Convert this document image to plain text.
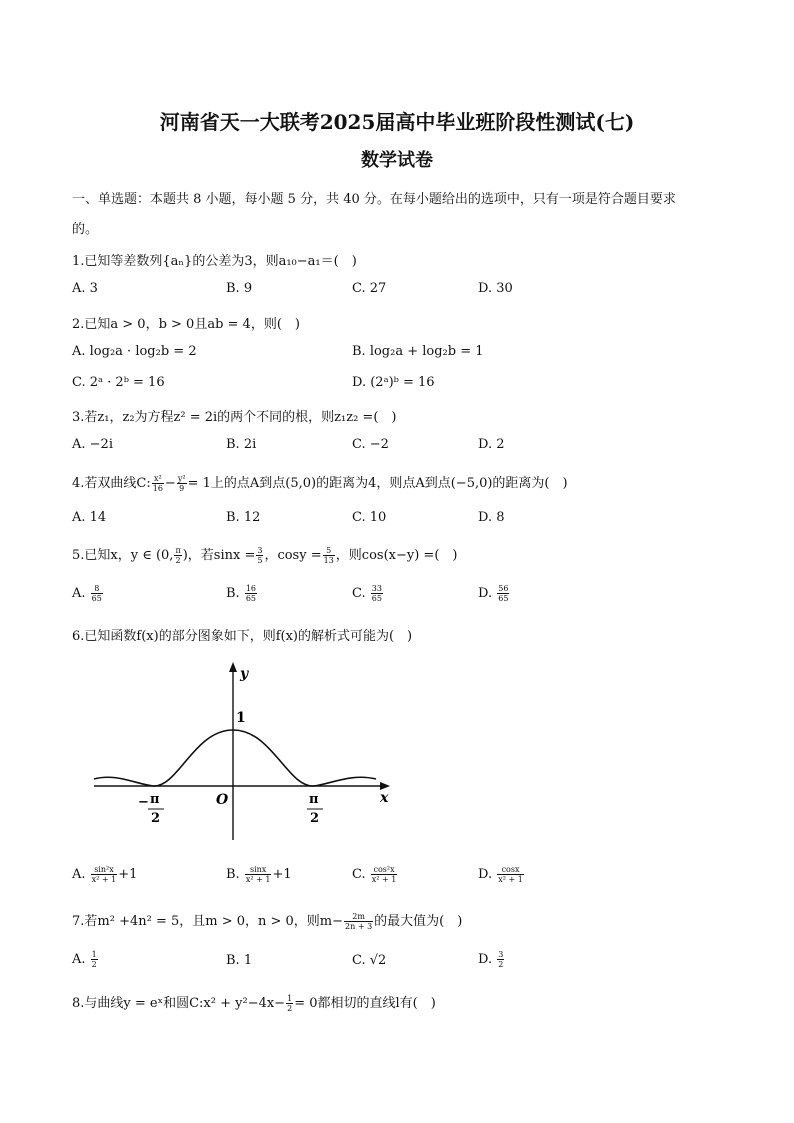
河南省天一大联考2025届高中毕业班阶段性测试(七)
数学试卷
一、单选题：本题共 8 小题，每小题 5 分，共 40 分。在每小题给出的选项中，只有一项是符合题目要求
的。
1.已知等差数列{aₙ}的公差为3，则a₁₀−a₁＝(　)
A. 3	B. 9	C. 27	D. 30
2.已知a > 0，b > 0且ab = 4，则(　)
A. log₂a · log₂b = 2	B. log₂a + log₂b = 1
C. 2ᵃ · 2ᵇ = 16	D. (2ᵃ)ᵇ = 16
3.若z₁，z₂为方程z² = 2i的两个不同的根，则z₁z₂ =(　)
A. −2i	B. 2i	C. −2	D. 2
4.若双曲线C: $\frac{\text{x²}}{16} - \frac{\text{y²}}{9} = 1$上的点A到点(5,0)的距离为4，则点A到点(−5,0)的距离为(　)
A. 14	B. 12	C. 10	D. 8
5.已知x，y ∈ (0, $\frac{\pi}{2}$ )，若$\sin x = \frac{3}{5}$ ，$\cos y = \frac{5}{13}$ ，则cos(x−y) =(　)
A. $\frac{8}{65}$	B. $\frac{16}{65}$	C. $\frac{33}{65}$	D. $\frac{56}{65}$
6.已知函数f(x)的部分图象如下，则f(x)的解析式可能为(　)
y
x
O
1
− π
2
π
2
A. $\frac{\text{sin²x}}{\text{x² + 1}} +1$	B. $\frac{\sin x}{\text{x² + 1}} +1$	C. $\frac{\text{cos²x}}{\text{x² + 1}}$	D. $\frac{\cos x}{\text{x² + 1}}$
7.若m² +4n² = 5，且m > 0，n > 0，则$m- \frac{2m}{2n + 3}$ 的最大值为(　)
A. $\frac{1}{2}$	B. 1	C. √2	D. $\frac{3}{2}$
8.与曲线y = eˣ和圆C:x² + $y^2-4x- \frac{1}{2} = 0$都相切的直线l有(　)
